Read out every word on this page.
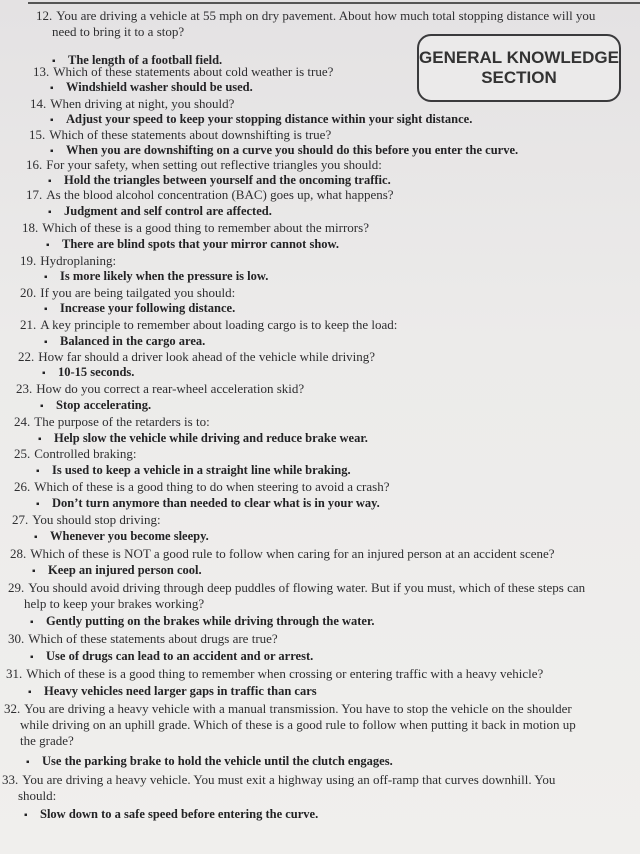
GENERAL KNOWLEDGE
SECTION
12. You are driving a vehicle at 55 mph on dry pavement. About how much total stopping distance will you
need to bring it to a stop?
▪ The length of a football field.
13. Which of these statements about cold weather is true?
▪ Windshield washer should be used.
14. When driving at night, you should?
▪ Adjust your speed to keep your stopping distance within your sight distance.
15. Which of these statements about downshifting is true?
▪ When you are downshifting on a curve you should do this before you enter the curve.
16. For your safety, when setting out reflective triangles you should:
▪ Hold the triangles between yourself and the oncoming traffic.
17. As the blood alcohol concentration (BAC) goes up, what happens?
▪ Judgment and self control are affected.
18. Which of these is a good thing to remember about the mirrors?
▪ There are blind spots that your mirror cannot show.
19. Hydroplaning:
▪ Is more likely when the pressure is low.
20. If you are being tailgated you should:
▪ Increase your following distance.
21. A key principle to remember about loading cargo is to keep the load:
▪ Balanced in the cargo area.
22. How far should a driver look ahead of the vehicle while driving?
▪ 10-15 seconds.
23. How do you correct a rear-wheel acceleration skid?
▪ Stop accelerating.
24. The purpose of the retarders is to:
▪ Help slow the vehicle while driving and reduce brake wear.
25. Controlled braking:
▪ Is used to keep a vehicle in a straight line while braking.
26. Which of these is a good thing to do when steering to avoid a crash?
▪ Don’t turn anymore than needed to clear what is in your way.
27. You should stop driving:
▪ Whenever you become sleepy.
28. Which of these is NOT a good rule to follow when caring for an injured person at an accident scene?
▪ Keep an injured person cool.
29. You should avoid driving through deep puddles of flowing water. But if you must, which of these steps can
help to keep your brakes working?
▪ Gently putting on the brakes while driving through the water.
30. Which of these statements about drugs are true?
▪ Use of drugs can lead to an accident and or arrest.
31. Which of these is a good thing to remember when crossing or entering traffic with a heavy vehicle?
▪ Heavy vehicles need larger gaps in traffic than cars
32. You are driving a heavy vehicle with a manual transmission. You have to stop the vehicle on the shoulder
while driving on an uphill grade. Which of these is a good rule to follow when putting it back in motion up
the grade?
▪ Use the parking brake to hold the vehicle until the clutch engages.
33. You are driving a heavy vehicle. You must exit a highway using an off-ramp that curves downhill. You
should:
▪ Slow down to a safe speed before entering the curve.
